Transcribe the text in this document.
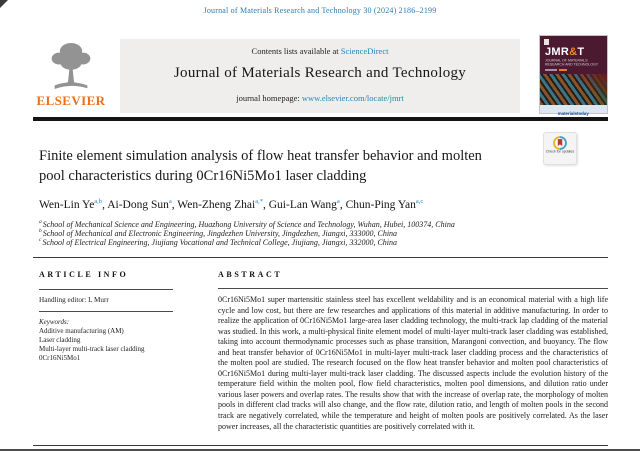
Journal of Materials Research and Technology 30 (2024) 2186–2199
ELSEVIER
Contents lists available at ScienceDirect
Journal of Materials Research and Technology
journal homepage: www.elsevier.com/locate/jmrt
JMR&T
JOURNAL OF MATERIALS RESEARCH AND TECHNOLOGY
materialstoday
Finite element simulation analysis of flow heat transfer behavior and molten pool characteristics during 0Cr16Ni5Mo1 laser cladding
Check for updates
Wen-Lin Ye$^{a,b}$, Ai-Dong Sun$^a$, Wen-Zheng Zhai$^{a,*}$, Gui-Lan Wang$^a$, Chun-Ping Yan$^{a,c}$
$^a$School of Mechanical Science and Engineering, Huazhong University of Science and Technology, Wuhan, Hubei, 100374, China
$^b$School of Mechanical and Electronic Engineering, Jingdezhen University, Jingdezhen, Jiangxi, 333000, China
$^c$School of Electrical Engineering, Jiujiang Vocational and Technical College, Jiujiang, Jiangxi, 332000, China
ARTICLE INFO
Handling editor: L Murr
Keywords:
Additive manufacturing (AM)
Laser cladding
Multi-layer multi-track laser cladding
0Cr16Ni5Mo1
ABSTRACT
0Cr16Ni5Mo1 super martensitic stainless steel has excellent weldability and is an economical material with a high life cycle and low cost, but there are few researches and applications of this material in additive manufacturing. In order to realize the application of 0Cr16Ni5Mo1 large-area laser cladding technology, the multi-track lap cladding of the material was studied. In this work, a multi-physical finite element model of multi-layer multi-track laser cladding was established, taking into account thermodynamic processes such as phase transition, Marangoni convection, and buoyancy. The flow and heat transfer behavior of 0Cr16Ni5Mo1 in multi-layer multi-track laser cladding process and the characteristics of the molten pool are studied. The research focused on the flow heat transfer behavior and molten pool characteristics of 0Cr16Ni5Mo1 during multi-layer multi-track laser cladding. The discussed aspects include the evolution history of the temperature field within the molten pool, flow field characteristics, molten pool dimensions, and dilution ratio under various laser powers and overlap rates. The results show that with the increase of overlap rate, the morphology of molten pools in different clad tracks will also change, and the flow rate, dilution ratio, and length of molten pools in the second track are negatively correlated, while the temperature and height of molten pools are positively correlated. As the laser power increases, all the characteristic quantities are positively correlated with it.
